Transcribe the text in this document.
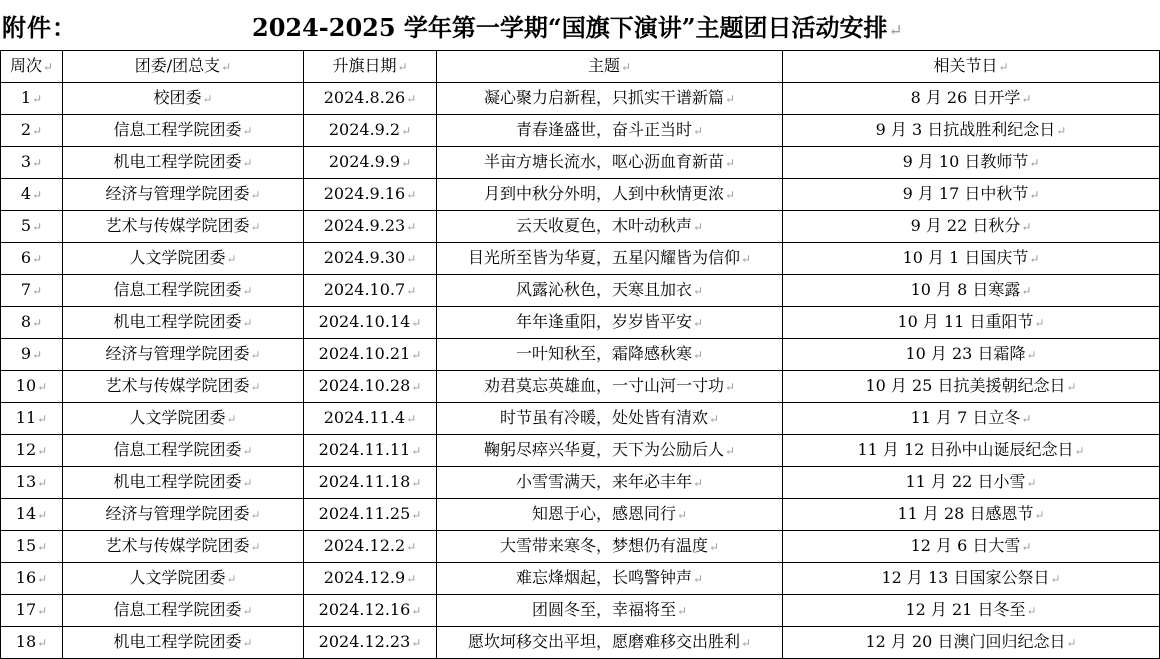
附件：	2024-2025 学年第一学期“国旗下演讲”主题团日活动安排↵
周次↵	团委/团总支↵	升旗日期↵	主题↵	相关节日↵
1↵	校团委↵	2024.8.26↵	凝心聚力启新程，只抓实干谱新篇↵	8 月 26 日开学↵
2↵	信息工程学院团委↵	2024.9.2↵	青春逢盛世，奋斗正当时↵	9 月 3 日抗战胜利纪念日↵
3↵	机电工程学院团委↵	2024.9.9↵	半亩方塘长流水，呕心沥血育新苗↵	9 月 10 日教师节↵
4↵	经济与管理学院团委↵	2024.9.16↵	月到中秋分外明，人到中秋情更浓↵	9 月 17 日中秋节↵
5↵	艺术与传媒学院团委↵	2024.9.23↵	云天收夏色，木叶动秋声↵	9 月 22 日秋分↵
6↵	人文学院团委↵	2024.9.30↵	目光所至皆为华夏，五星闪耀皆为信仰↵	10 月 1 日国庆节↵
7↵	信息工程学院团委↵	2024.10.7↵	风露沁秋色，天寒且加衣↵	10 月 8 日寒露↵
8↵	机电工程学院团委↵	2024.10.14↵	年年逢重阳，岁岁皆平安↵	10 月 11 日重阳节↵
9↵	经济与管理学院团委↵	2024.10.21↵	一叶知秋至，霜降感秋寒↵	10 月 23 日霜降↵
10↵	艺术与传媒学院团委↵	2024.10.28↵	劝君莫忘英雄血，一寸山河一寸功↵	10 月 25 日抗美援朝纪念日↵
11↵	人文学院团委↵	2024.11.4↵	时节虽有冷暖，处处皆有清欢↵	11 月 7 日立冬↵
12↵	信息工程学院团委↵	2024.11.11↵	鞠躬尽瘁兴华夏，天下为公励后人↵	11 月 12 日孙中山诞辰纪念日↵
13↵	机电工程学院团委↵	2024.11.18↵	小雪雪满天，来年必丰年↵	11 月 22 日小雪↵
14↵	经济与管理学院团委↵	2024.11.25↵	知恩于心，感恩同行↵	11 月 28 日感恩节↵
15↵	艺术与传媒学院团委↵	2024.12.2↵	大雪带来寒冬，梦想仍有温度↵	12 月 6 日大雪↵
16↵	人文学院团委↵	2024.12.9↵	难忘烽烟起，长鸣警钟声↵	12 月 13 日国家公祭日↵
17↵	信息工程学院团委↵	2024.12.16↵	团圆冬至，幸福将至↵	12 月 21 日冬至↵
18↵	机电工程学院团委↵	2024.12.23↵	愿坎坷移交出平坦，愿磨难移交出胜利↵	12 月 20 日澳门回归纪念日↵
